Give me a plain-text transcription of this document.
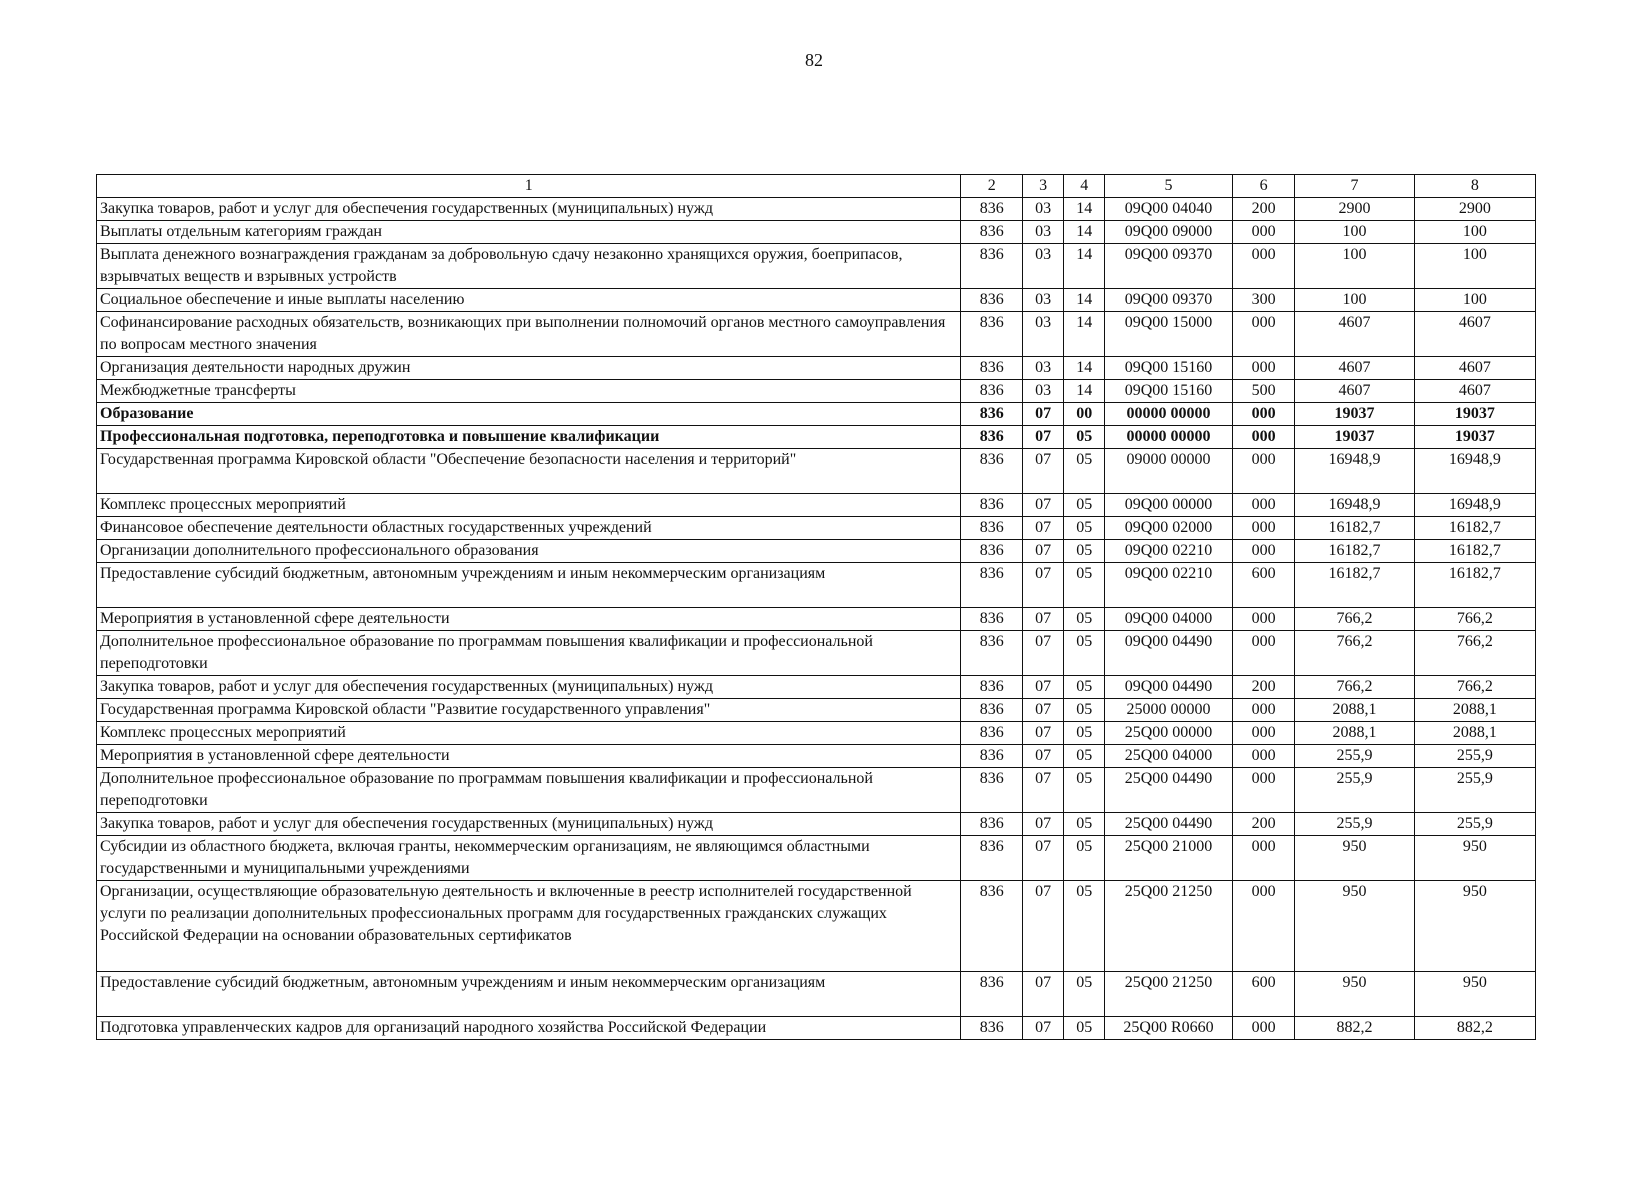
82
1	2	3	4	5	6	7	8
Закупка товаров, работ и услуг для обеспечения государственных (муниципальных) нужд	836	03	14	09Q00 04040	200	2900	2900
Выплаты отдельным категориям граждан	836	03	14	09Q00 09000	000	100	100
Выплата денежного вознаграждения гражданам за добровольную сдачу незаконно хранящихся оружия, боеприпасов, взрывчатых веществ и взрывных устройств	836	03	14	09Q00 09370	000	100	100
Социальное обеспечение и иные выплаты населению	836	03	14	09Q00 09370	300	100	100
Софинансирование расходных обязательств, возникающих при выполнении полномочий органов местного самоуправления по вопросам местного значения	836	03	14	09Q00 15000	000	4607	4607
Организация деятельности народных дружин	836	03	14	09Q00 15160	000	4607	4607
Межбюджетные трансферты	836	03	14	09Q00 15160	500	4607	4607
Образование	836	07	00	00000 00000	000	19037	19037
Профессиональная подготовка, переподготовка и повышение квалификации	836	07	05	00000 00000	000	19037	19037
Государственная программа Кировской области "Обеспечение безопасности населения и территорий"	836	07	05	09000 00000	000	16948,9	16948,9
Комплекс процессных мероприятий	836	07	05	09Q00 00000	000	16948,9	16948,9
Финансовое обеспечение деятельности областных государственных учреждений	836	07	05	09Q00 02000	000	16182,7	16182,7
Организации дополнительного профессионального образования	836	07	05	09Q00 02210	000	16182,7	16182,7
Предоставление субсидий бюджетным, автономным учреждениям и иным некоммерческим организациям	836	07	05	09Q00 02210	600	16182,7	16182,7
Мероприятия в установленной сфере деятельности	836	07	05	09Q00 04000	000	766,2	766,2
Дополнительное профессиональное образование по программам повышения квалификации и профессиональной переподготовки	836	07	05	09Q00 04490	000	766,2	766,2
Закупка товаров, работ и услуг для обеспечения государственных (муниципальных) нужд	836	07	05	09Q00 04490	200	766,2	766,2
Государственная программа Кировской области "Развитие государственного управления"	836	07	05	25000 00000	000	2088,1	2088,1
Комплекс процессных мероприятий	836	07	05	25Q00 00000	000	2088,1	2088,1
Мероприятия в установленной сфере деятельности	836	07	05	25Q00 04000	000	255,9	255,9
Дополнительное профессиональное образование по программам повышения квалификации и профессиональной переподготовки	836	07	05	25Q00 04490	000	255,9	255,9
Закупка товаров, работ и услуг для обеспечения государственных (муниципальных) нужд	836	07	05	25Q00 04490	200	255,9	255,9
Субсидии из областного бюджета, включая гранты, некоммерческим организациям, не являющимся областными государственными и муниципальными учреждениями	836	07	05	25Q00 21000	000	950	950
Организации, осуществляющие образовательную деятельность и включенные в реестр исполнителей государственной услуги по реализации дополнительных профессиональных программ для государственных гражданских служащих Российской Федерации на основании образовательных сертификатов	836	07	05	25Q00 21250	000	950	950
Предоставление субсидий бюджетным, автономным учреждениям и иным некоммерческим организациям	836	07	05	25Q00 21250	600	950	950
Подготовка управленческих кадров для организаций народного хозяйства Российской Федерации	836	07	05	25Q00 R0660	000	882,2	882,2
